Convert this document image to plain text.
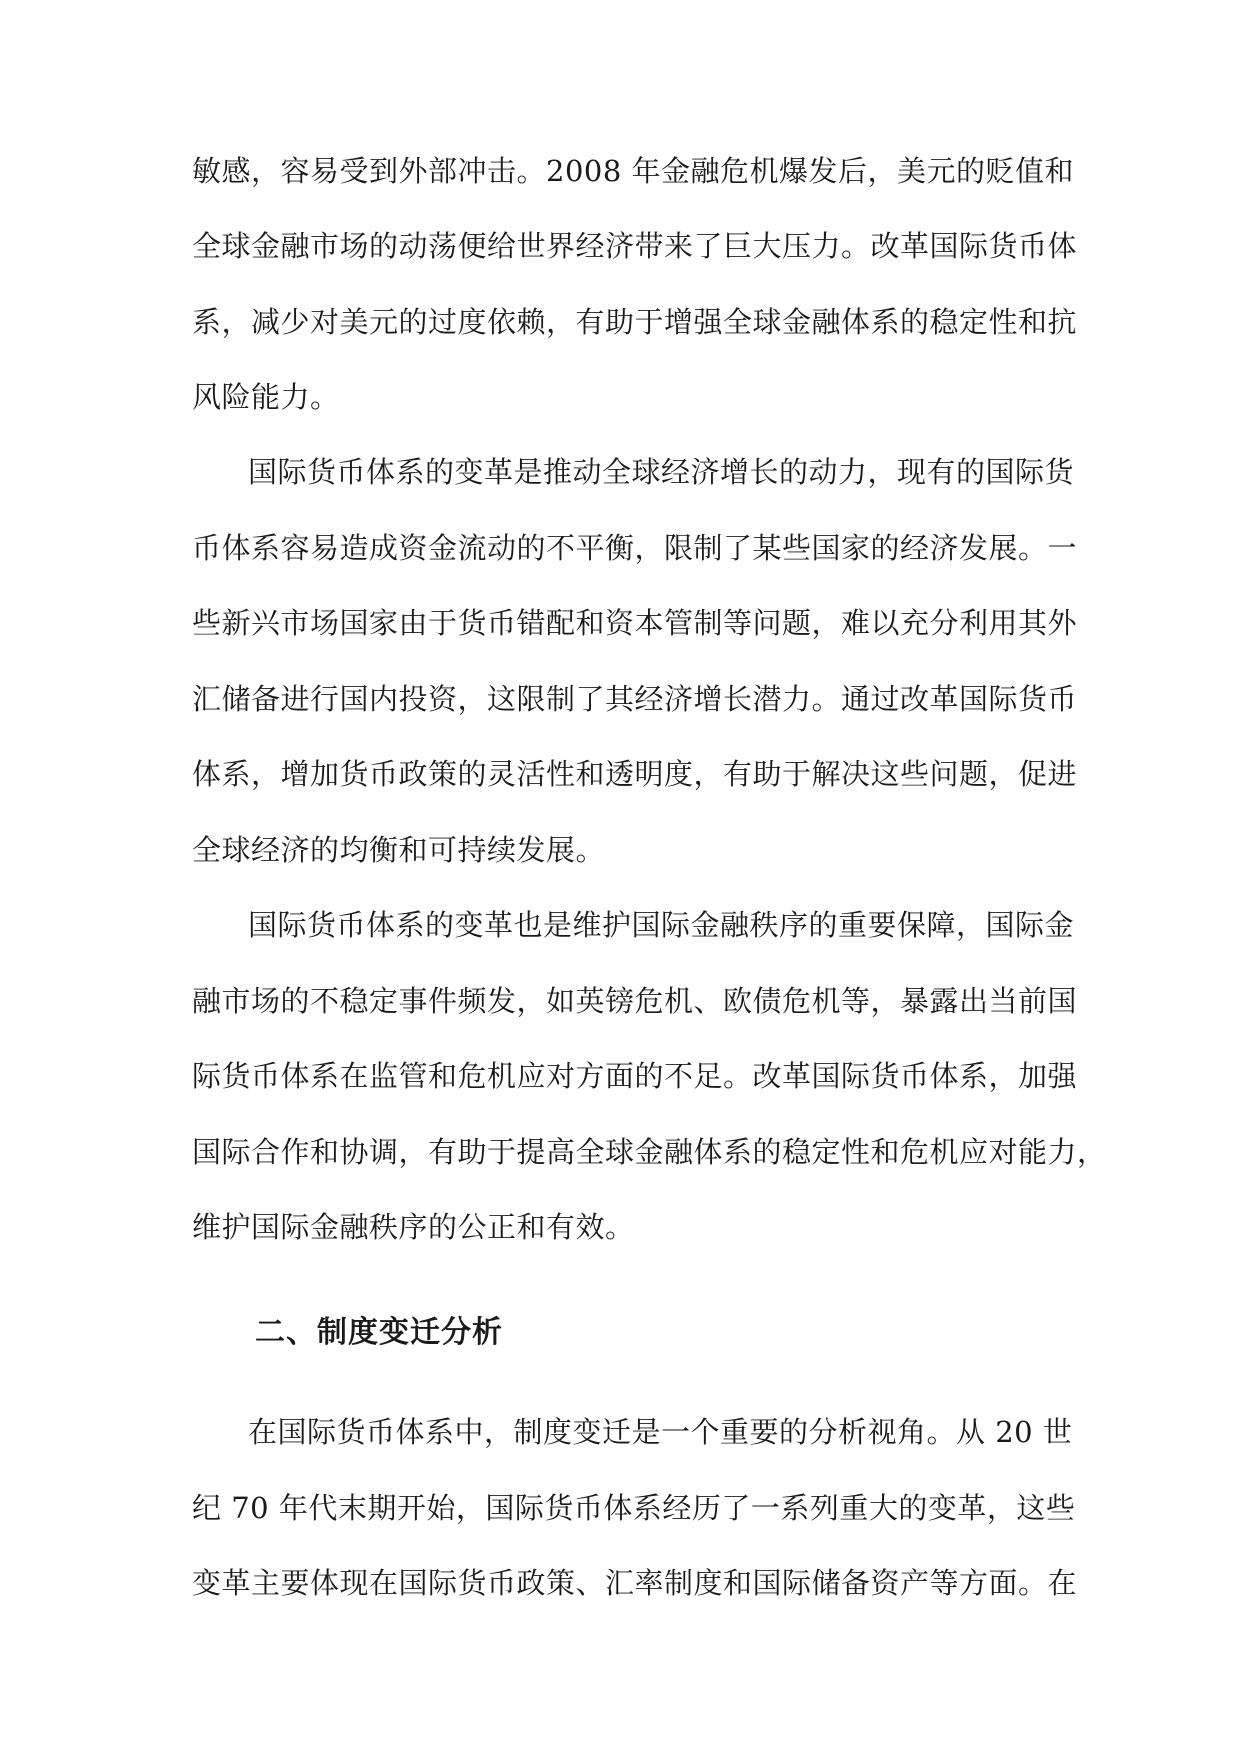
敏感，容易受到外部冲击。2008 年金融危机爆发后，美元的贬值和
全球金融市场的动荡便给世界经济带来了巨大压力。改革国际货币体
系，减少对美元的过度依赖，有助于增强全球金融体系的稳定性和抗
风险能力。
国际货币体系的变革是推动全球经济增长的动力，现有的国际货
币体系容易造成资金流动的不平衡，限制了某些国家的经济发展。一
些新兴市场国家由于货币错配和资本管制等问题，难以充分利用其外
汇储备进行国内投资，这限制了其经济增长潜力。通过改革国际货币
体系，增加货币政策的灵活性和透明度，有助于解决这些问题，促进
全球经济的均衡和可持续发展。
国际货币体系的变革也是维护国际金融秩序的重要保障，国际金
融市场的不稳定事件频发，如英镑危机、欧债危机等，暴露出当前国
际货币体系在监管和危机应对方面的不足。改革国际货币体系，加强
国际合作和协调，有助于提高全球金融体系的稳定性和危机应对能力，
维护国际金融秩序的公正和有效。
二、制度变迁分析
在国际货币体系中，制度变迁是一个重要的分析视角。从 20 世
纪 70 年代末期开始，国际货币体系经历了一系列重大的变革，这些
变革主要体现在国际货币政策、汇率制度和国际储备资产等方面。在
